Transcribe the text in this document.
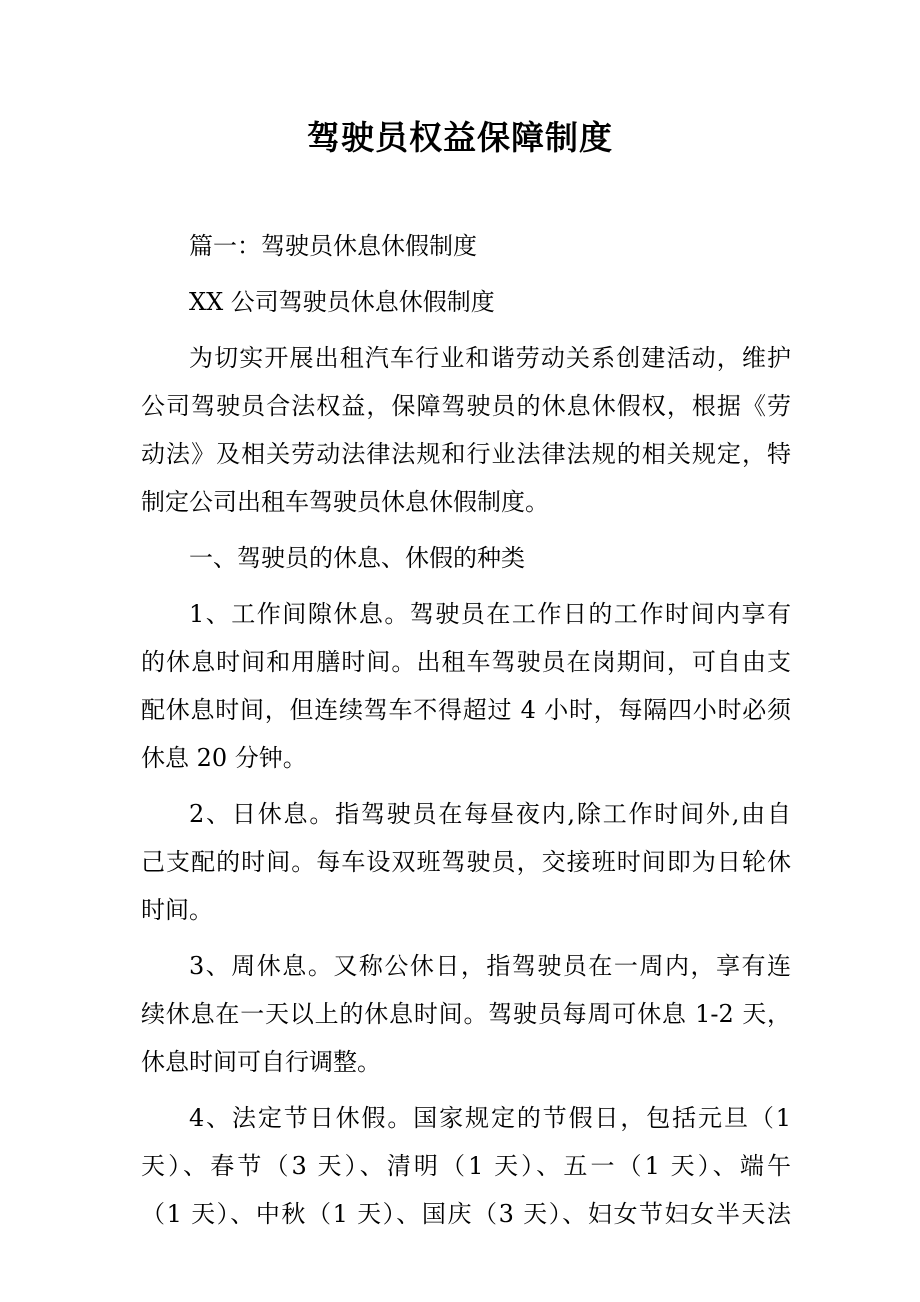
驾驶员权益保障制度

篇一：驾驶员休息休假制度

XX 公司驾驶员休息休假制度

为切实开展出租汽车行业和谐劳动关系创建活动，维护
公司驾驶员合法权益，保障驾驶员的休息休假权，根据《劳
动法》及相关劳动法律法规和行业法律法规的相关规定，特
制定公司出租车驾驶员休息休假制度。

一、驾驶员的休息、休假的种类

1、工作间隙休息。驾驶员在工作日的工作时间内享有
的休息时间和用膳时间。出租车驾驶员在岗期间，可自由支
配休息时间，但连续驾车不得超过 4 小时，每隔四小时必须
休息 20 分钟。

2、日休息。指驾驶员在每昼夜内,除工作时间外,由自
己支配的时间。每车设双班驾驶员，交接班时间即为日轮休
时间。

3、周休息。又称公休日，指驾驶员在一周内，享有连
续休息在一天以上的休息时间。驾驶员每周可休息 1-2 天，
休息时间可自行调整。

4、法定节日休假。国家规定的节假日，包括元旦（1
天）、春节（3 天）、清明（1 天）、五一（1 天）、端午
（1 天）、中秋（1 天）、国庆（3 天）、妇女节妇女半天法
